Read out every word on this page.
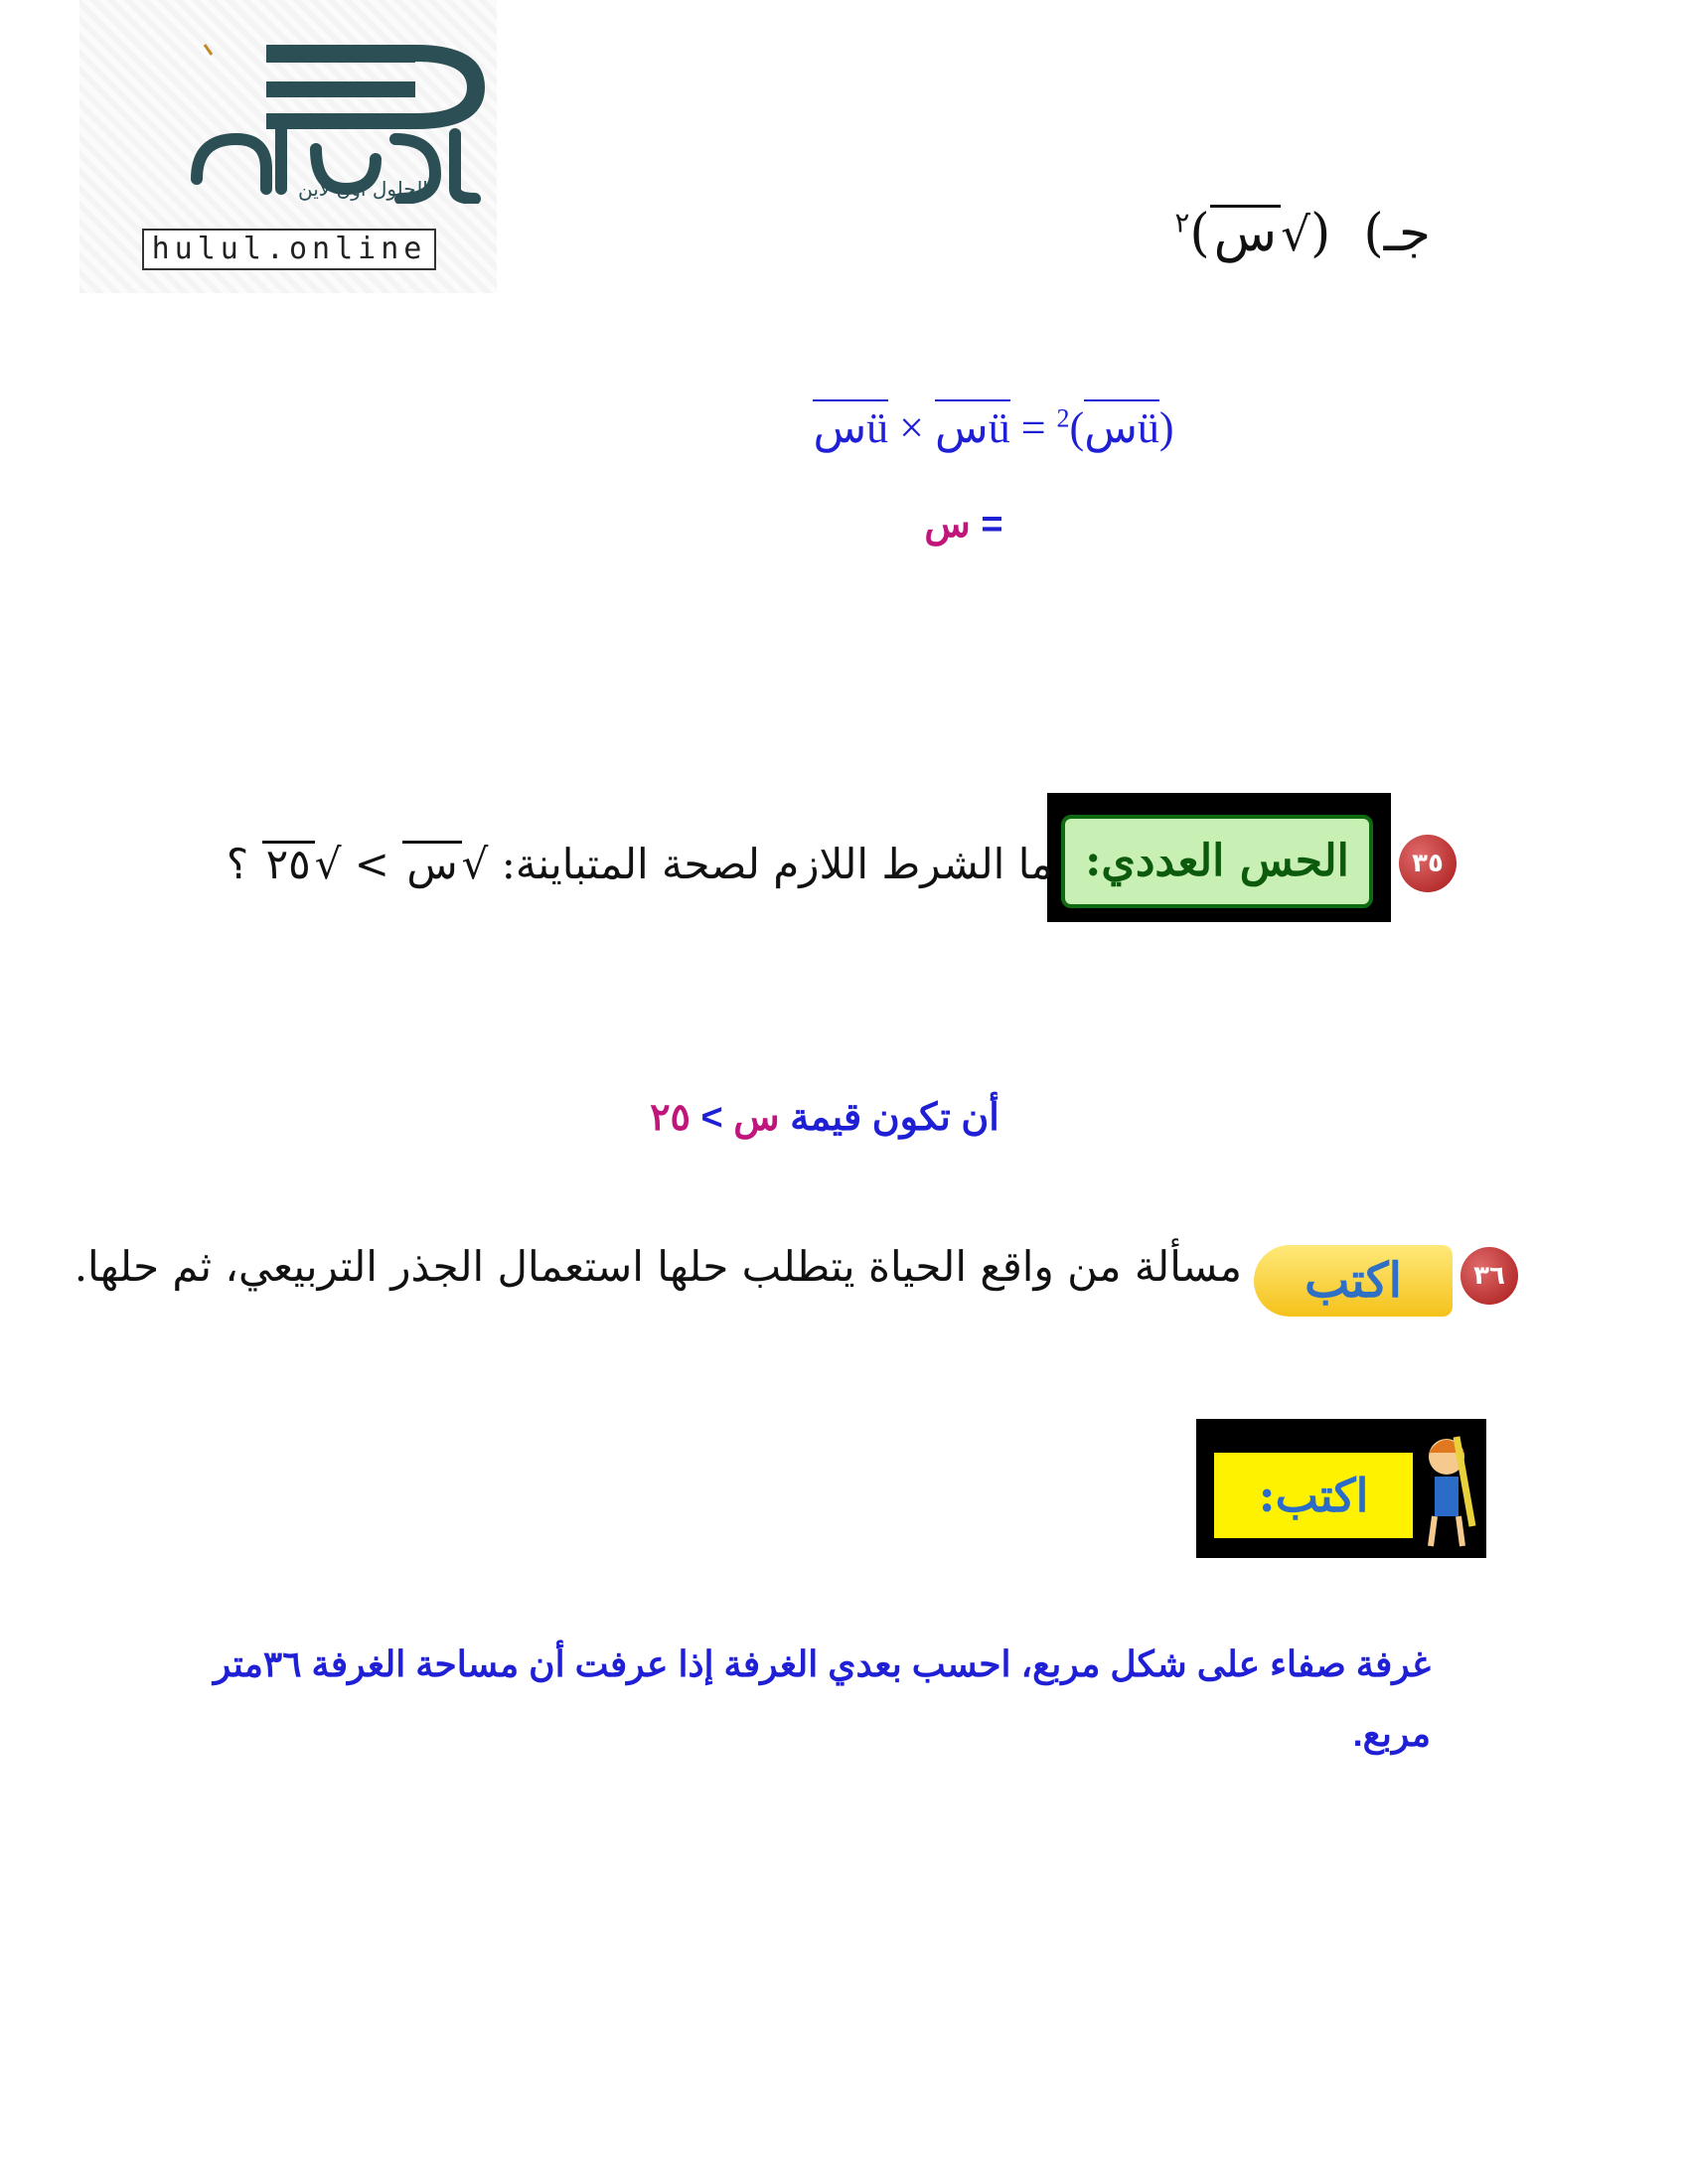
الحلول اون لاين
hulul.online	جـ)  (√س)$^٢$
(üس)$^2$ = üس × üس
= س
٣٥
الحس العددي:
ما الشرط اللازم لصحة المتباينة: √س > √٢٥ ؟
أن تكون قيمة س > ٢٥
٣٦
اكتب
مسألة من واقع الحياة يتطلب حلها استعمال الجذر التربيعي، ثم حلها.
اكتب:
غرفة صفاء على شكل مربع، احسب بعدي الغرفة إذا عرفت أن مساحة الغرفة ٣٦متر مربع.
